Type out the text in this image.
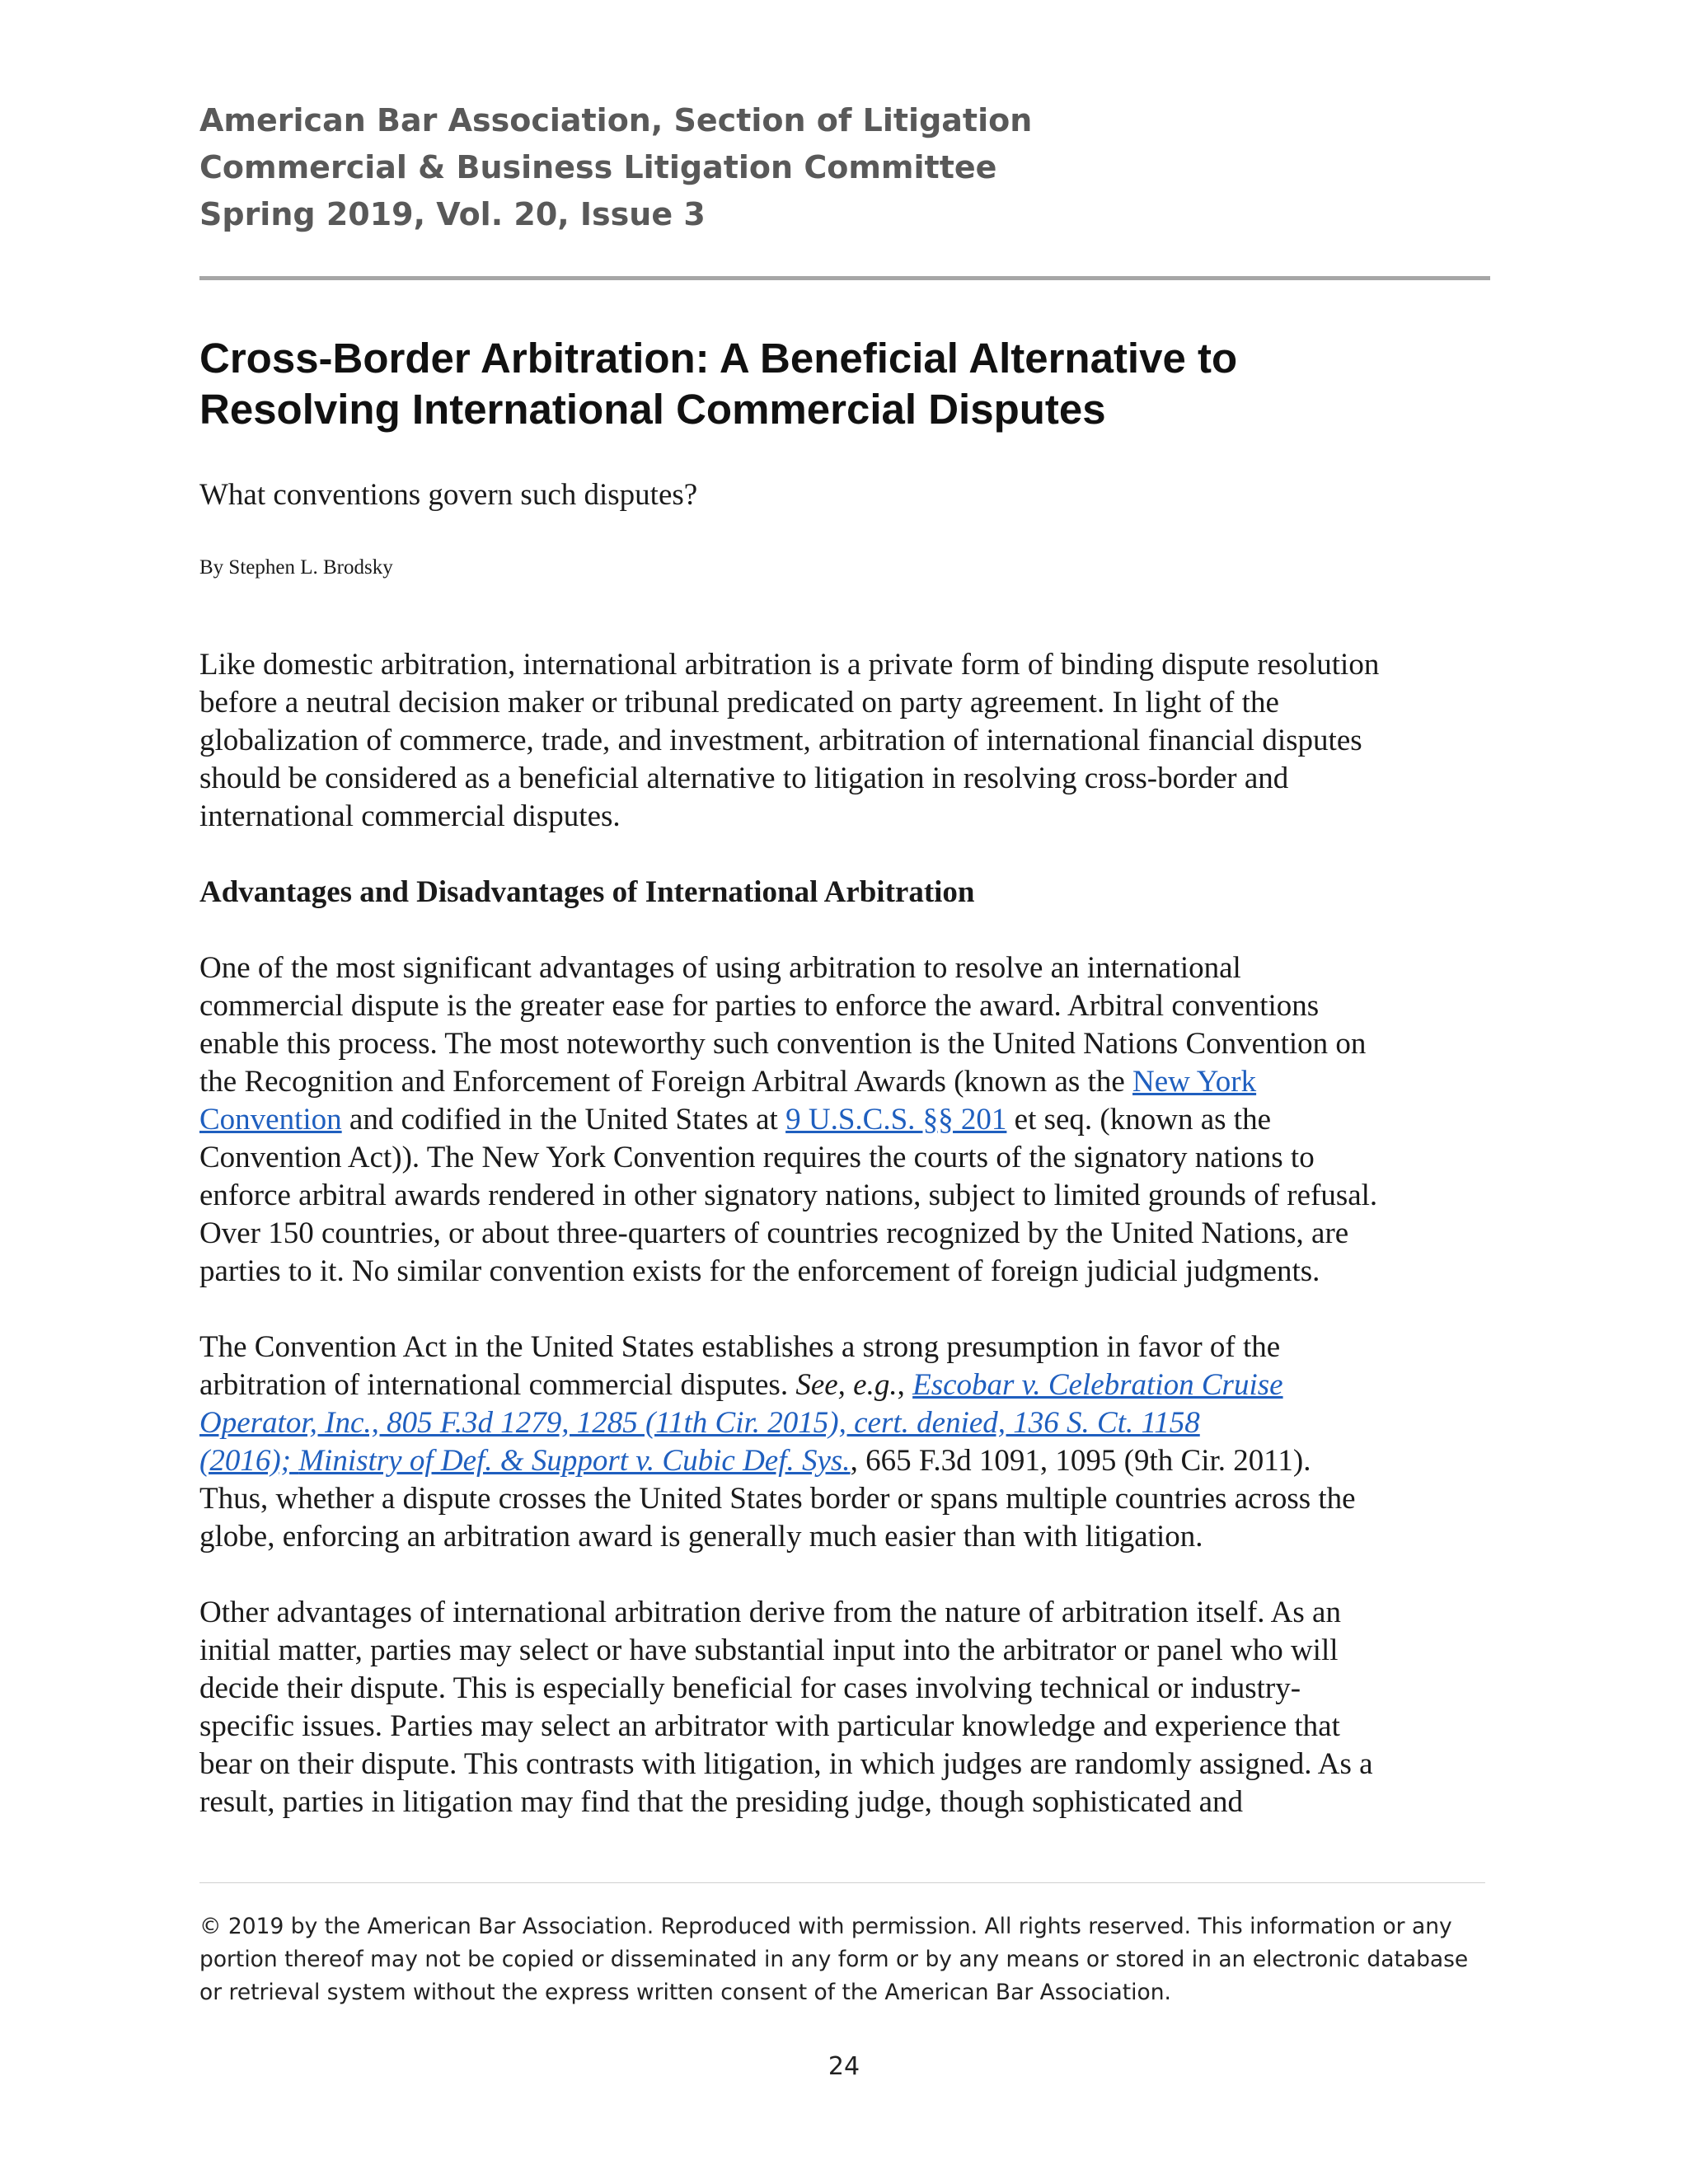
American Bar Association, Section of Litigation
Commercial & Business Litigation Committee
Spring 2019, Vol. 20, Issue 3
Cross-Border Arbitration: A Beneficial Alternative to
Resolving International Commercial Disputes

What conventions govern such disputes?

By Stephen L. Brodsky

Like domestic arbitration, international arbitration is a private form of binding dispute resolution
before a neutral decision maker or tribunal predicated on party agreement. In light of the
globalization of commerce, trade, and investment, arbitration of international financial disputes
should be considered as a beneficial alternative to litigation in resolving cross-border and
international commercial disputes.

Advantages and Disadvantages of International Arbitration

One of the most significant advantages of using arbitration to resolve an international
commercial dispute is the greater ease for parties to enforce the award. Arbitral conventions
enable this process. The most noteworthy such convention is the United Nations Convention on
the Recognition and Enforcement of Foreign Arbitral Awards (known as the New York
Convention and codified in the United States at 9 U.S.C.S. §§ 201 et seq. (known as the
Convention Act)). The New York Convention requires the courts of the signatory nations to
enforce arbitral awards rendered in other signatory nations, subject to limited grounds of refusal.
Over 150 countries, or about three-quarters of countries recognized by the United Nations, are
parties to it. No similar convention exists for the enforcement of foreign judicial judgments.

The Convention Act in the United States establishes a strong presumption in favor of the
arbitration of international commercial disputes. See, e.g., Escobar v. Celebration Cruise
Operator, Inc., 805 F.3d 1279, 1285 (11th Cir. 2015), cert. denied, 136 S. Ct. 1158
(2016); Ministry of Def. & Support v. Cubic Def. Sys., 665 F.3d 1091, 1095 (9th Cir. 2011).
Thus, whether a dispute crosses the United States border or spans multiple countries across the
globe, enforcing an arbitration award is generally much easier than with litigation.

Other advantages of international arbitration derive from the nature of arbitration itself. As an
initial matter, parties may select or have substantial input into the arbitrator or panel who will
decide their dispute. This is especially beneficial for cases involving technical or industry-
specific issues. Parties may select an arbitrator with particular knowledge and experience that
bear on their dispute. This contrasts with litigation, in which judges are randomly assigned. As a
result, parties in litigation may find that the presiding judge, though sophisticated and

© 2019 by the American Bar Association. Reproduced with permission. All rights reserved. This information or any
portion thereof may not be copied or disseminated in any form or by any means or stored in an electronic database
or retrieval system without the express written consent of the American Bar Association.
24
